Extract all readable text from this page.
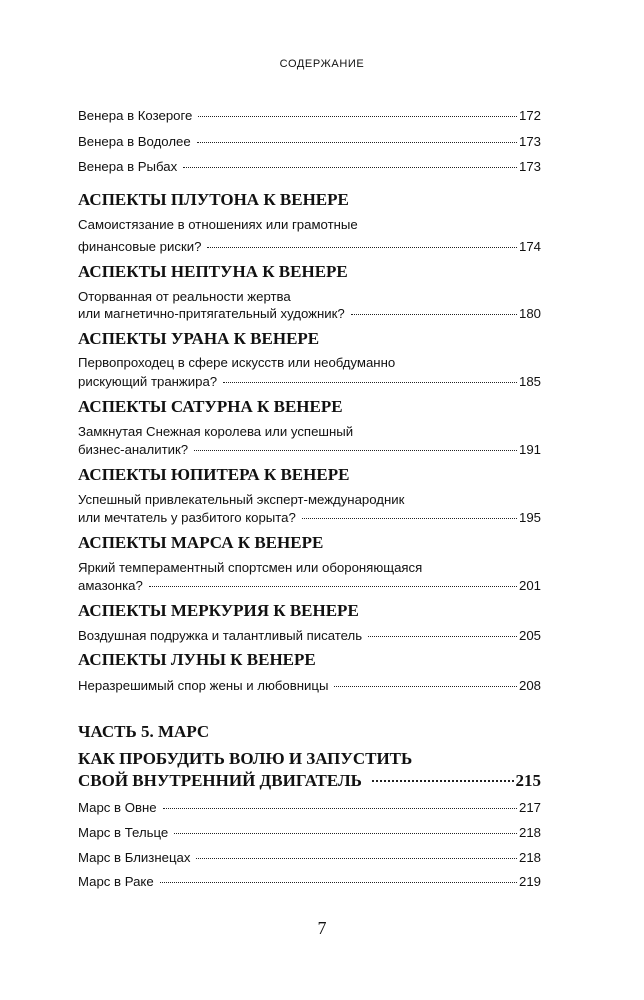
СОДЕРЖАНИЕ
Венера в Козероге	172
Венера в Водолее	173
Венера в Рыбах	173
АСПЕКТЫ ПЛУТОНА К ВЕНЕРЕ
Самоистязание в отношениях или грамотные
финансовые риски?	174
АСПЕКТЫ НЕПТУНА К ВЕНЕРЕ
Оторванная от реальности жертва
или магнетично-притягательный художник?	180
АСПЕКТЫ УРАНА К ВЕНЕРЕ
Первопроходец в сфере искусств или необдуманно
рискующий транжира?	185
АСПЕКТЫ САТУРНА К ВЕНЕРЕ
Замкнутая Снежная королева или успешный
бизнес-аналитик?	191
АСПЕКТЫ ЮПИТЕРА К ВЕНЕРЕ
Успешный привлекательный эксперт-международник
или мечтатель у разбитого корыта?	195
АСПЕКТЫ МАРСА К ВЕНЕРЕ
Яркий темпераментный спортсмен или обороняющаяся
амазонка?	201
АСПЕКТЫ МЕРКУРИЯ К ВЕНЕРЕ
Воздушная подружка и талантливый писатель	205
АСПЕКТЫ ЛУНЫ К ВЕНЕРЕ
Неразрешимый спор жены и любовницы	208
ЧАСТЬ 5. МАРС
КАК ПРОБУДИТЬ ВОЛЮ И ЗАПУСТИТЬ
СВОЙ ВНУТРЕННИЙ ДВИГАТЕЛЬ	215
Марс в Овне	217
Марс в Тельце	218
Марс в Близнецах	218
Марс в Раке	219
7
